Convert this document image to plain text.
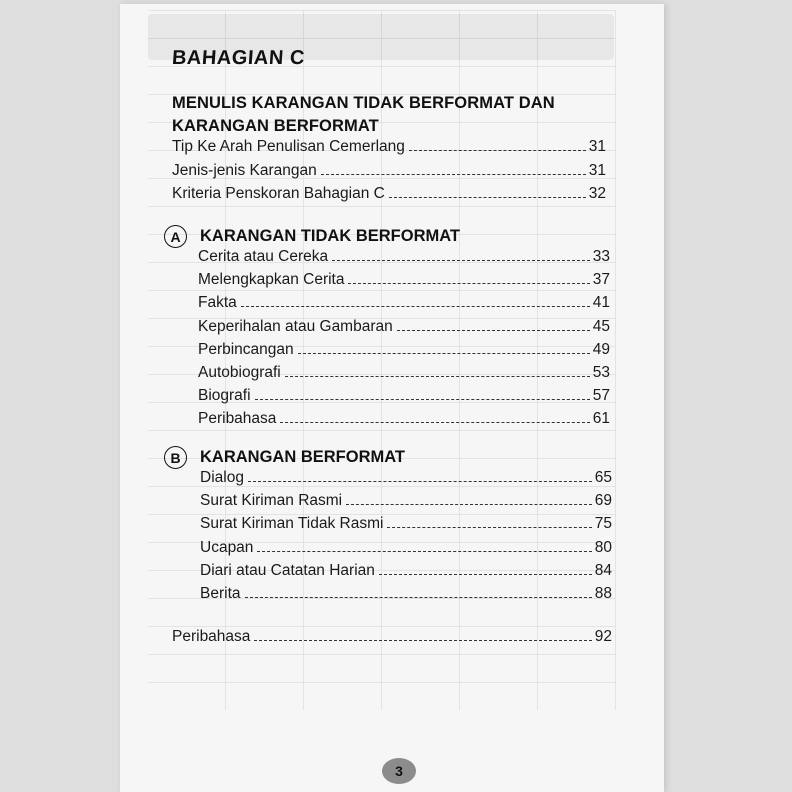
BAHAGIAN C
MENULIS KARANGAN TIDAK BERFORMAT DAN
KARANGAN BERFORMAT
Tip Ke Arah Penulisan Cemerlang	31
Jenis-jenis Karangan	31
Kriteria Penskoran Bahagian C	32
A	KARANGAN TIDAK BERFORMAT
Cerita atau Cereka	33
Melengkapkan Cerita	37
Fakta	41
Keperihalan atau Gambaran	45
Perbincangan	49
Autobiografi	53
Biografi	57
Peribahasa	61
B	KARANGAN BERFORMAT
Dialog	65
Surat Kiriman Rasmi	69
Surat Kiriman Tidak Rasmi	75
Ucapan	80
Diari atau Catatan Harian	84
Berita	88
Peribahasa	92
3
